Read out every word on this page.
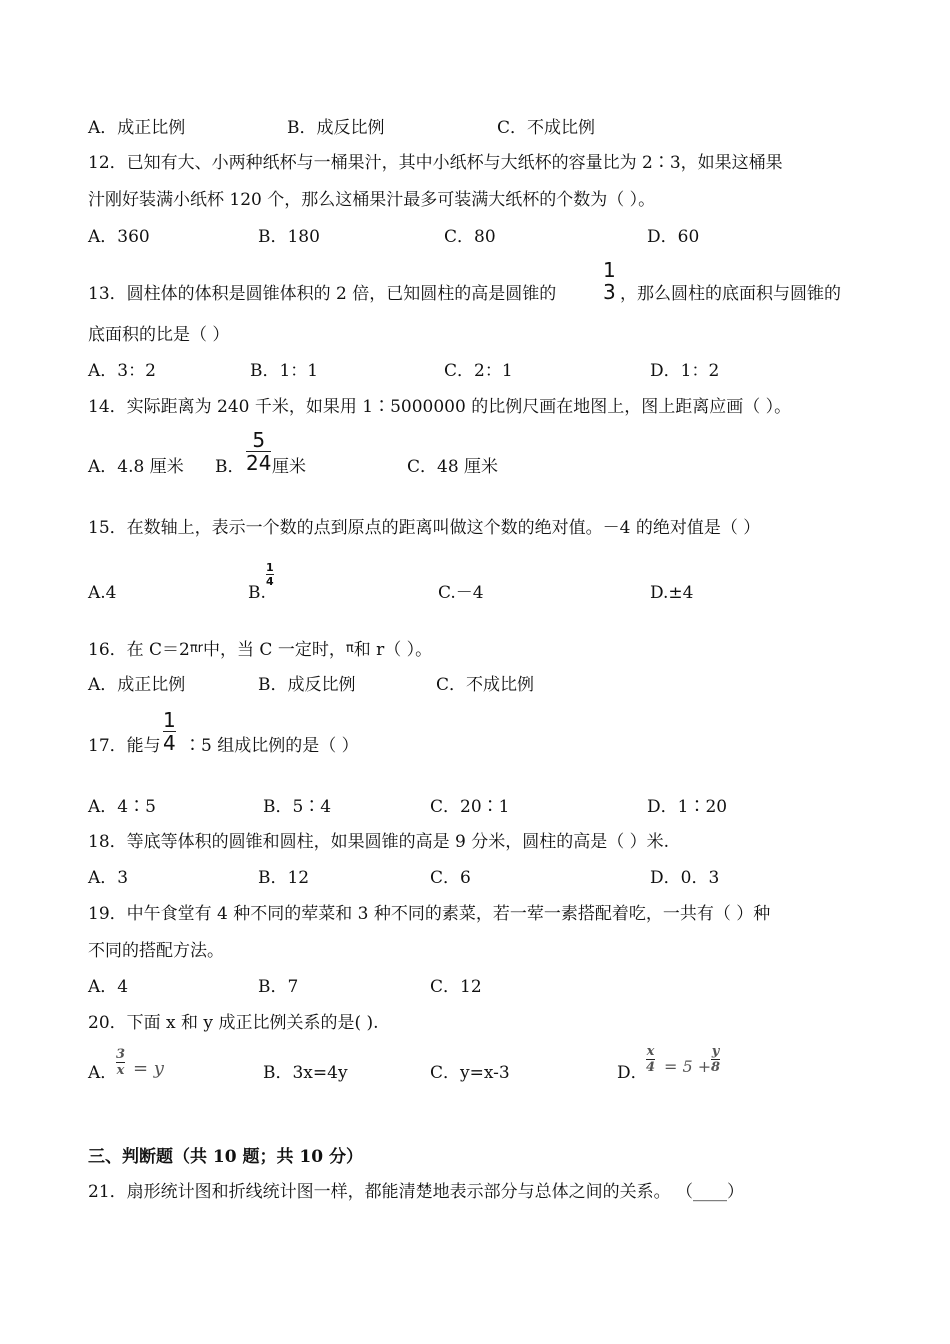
A．成正比例	B．成反比例	C．不成比例
12．已知有大、小两种纸杯与一桶果汁，其中小纸杯与大纸杯的容量比为 2∶3，如果这桶果
汁刚好装满小纸杯 120 个，那么这桶果汁最多可装满大纸杯的个数为（ ）。
A．360	B．180	C．80	D．60
13．圆柱体的体积是圆锥体积的 2 倍，已知圆柱的高是圆锥的
1
3 ，那么圆柱的底面积与圆锥的
底面积的比是（ ）
A．3：2	B．1：1	C．2：1	D．1：2
14．实际距离为 240 千米，如果用 1∶5000000 的比例尺画在地图上，图上距离应画（ ）。
A．4.8 厘米 B．
5
24 厘米	C．48 厘米
15．在数轴上，表示一个数的点到原点的距离叫做这个数的绝对值。－4 的绝对值是（ ）
A.4	B.
1
4
C.－4	D.±4
16．在 C＝2πr中，当 C 一定时，π和 r（ ）。
A．成正比例	B．成反比例	C．不成比例
17．能与
1
4 ∶5 组成比例的是（ ）
A．4∶5	B．5∶4	C．20∶1	D．1∶20
18．等底等体积的圆锥和圆柱，如果圆锥的高是 9 分米，圆柱的高是（ ）米.
A．3	B．12	C．6	D．0．3
19．中午食堂有 4 种不同的荤菜和 3 种不同的素菜，若一荤一素搭配着吃，一共有（ ）种
不同的搭配方法。
A．4	B．7	C．12
20．下面 x 和 y 成正比例关系的是( ).
A．
3
x = y	B．3x=4y	C．y=x-3	D．
x
4 = 5 +
y
8
三、判断题（共 10 题；共 10 分）
21．扇形统计图和折线统计图一样，都能清楚地表示部分与总体之间的关系。 （____）
